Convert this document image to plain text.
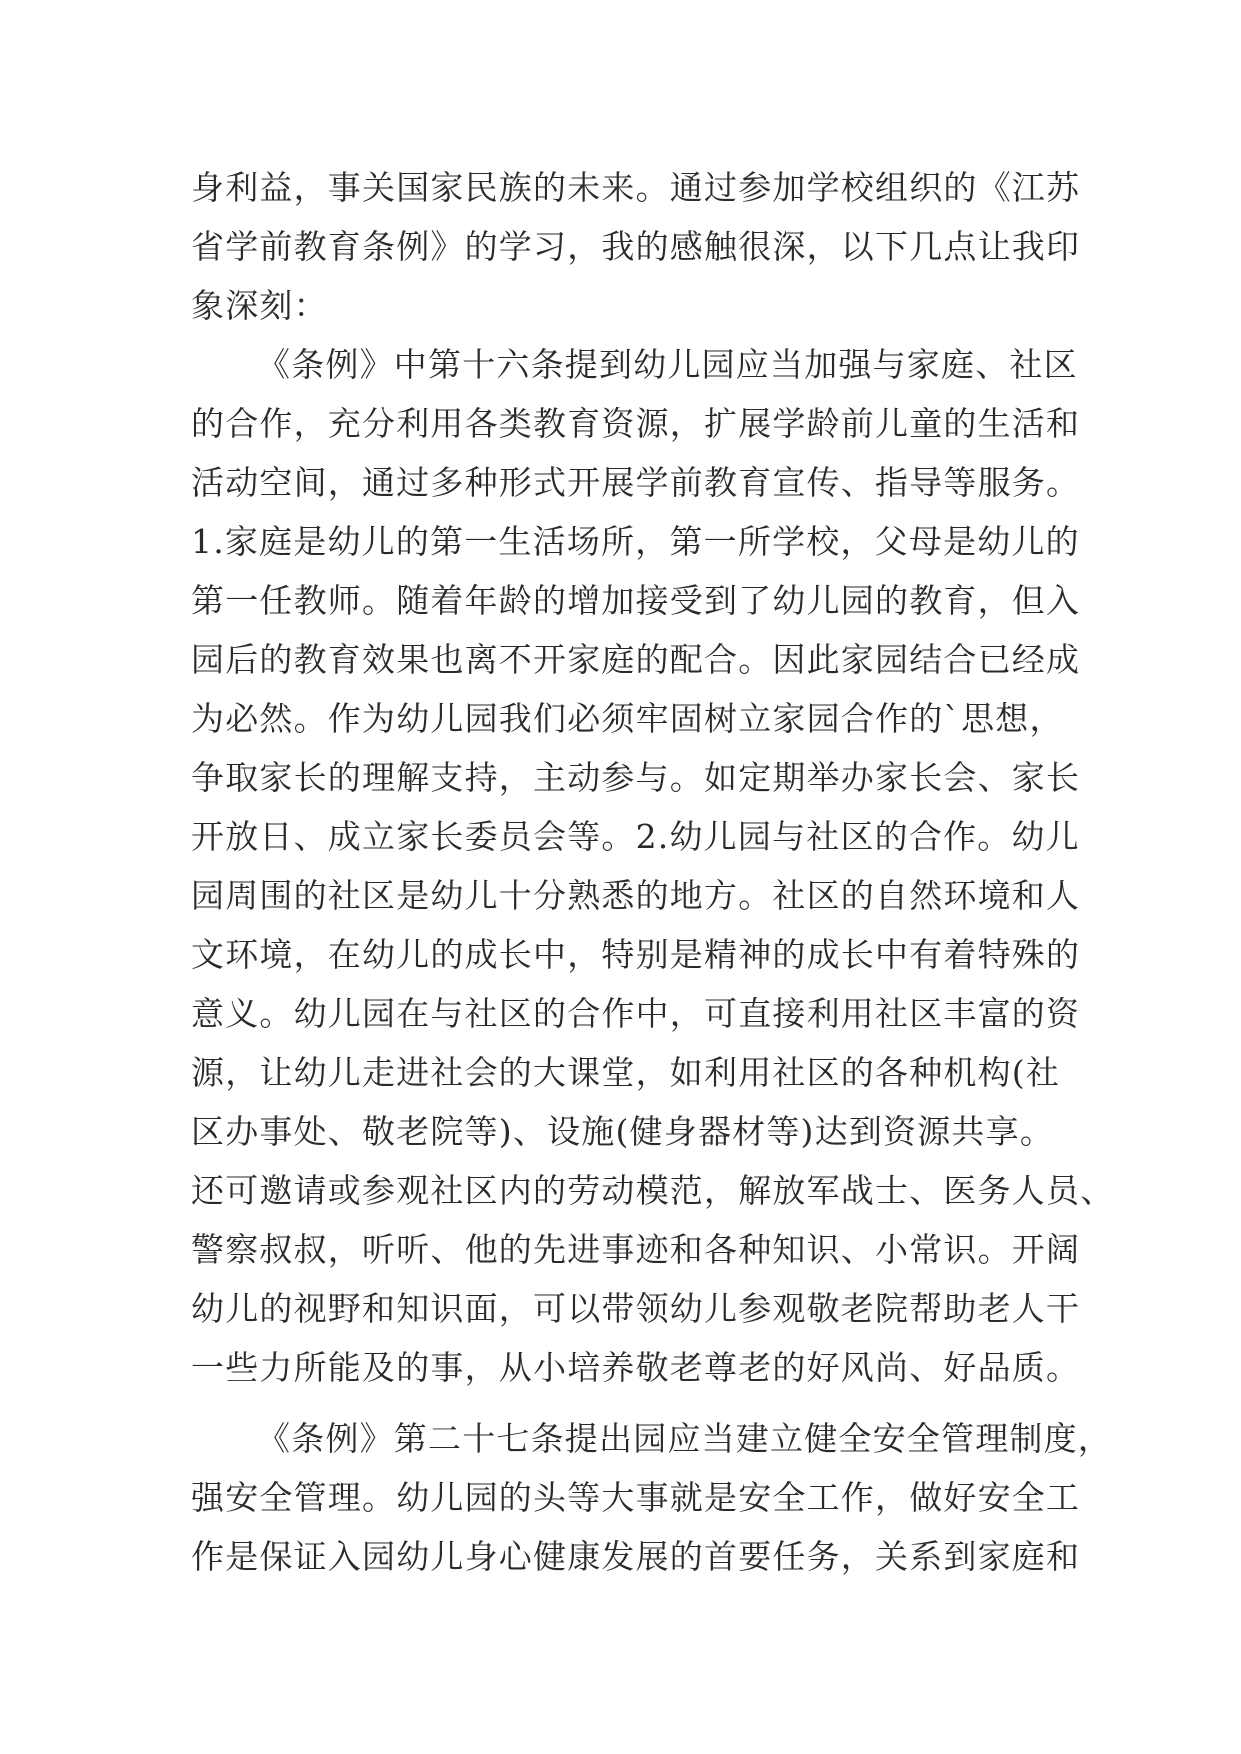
身利益，事关国家民族的未来。通过参加学校组织的《江苏
省学前教育条例》的学习，我的感触很深，以下几点让我印
象深刻：
《条例》中第十六条提到幼儿园应当加强与家庭、社区
的合作，充分利用各类教育资源，扩展学龄前儿童的生活和
活动空间，通过多种形式开展学前教育宣传、指导等服务。
1.家庭是幼儿的第一生活场所，第一所学校，父母是幼儿的
第一任教师。随着年龄的增加接受到了幼儿园的教育，但入
园后的教育效果也离不开家庭的配合。因此家园结合已经成
为必然。作为幼儿园我们必须牢固树立家园合作的`思想，
争取家长的理解支持，主动参与。如定期举办家长会、家长
开放日、成立家长委员会等。2.幼儿园与社区的合作。幼儿
园周围的社区是幼儿十分熟悉的地方。社区的自然环境和人
文环境，在幼儿的成长中，特别是精神的成长中有着特殊的
意义。幼儿园在与社区的合作中，可直接利用社区丰富的资
源，让幼儿走进社会的大课堂，如利用社区的各种机构(社
区办事处、敬老院等)、设施(健身器材等)达到资源共享。
还可邀请或参观社区内的劳动模范，解放军战士、医务人员、
警察叔叔，听听、他的先进事迹和各种知识、小常识。开阔
幼儿的视野和知识面，可以带领幼儿参观敬老院帮助老人干
一些力所能及的事，从小培养敬老尊老的好风尚、好品质。
《条例》第二十七条提出园应当建立健全安全管理制度，
强安全管理。幼儿园的头等大事就是安全工作，做好安全工
作是保证入园幼儿身心健康发展的首要任务，关系到家庭和
